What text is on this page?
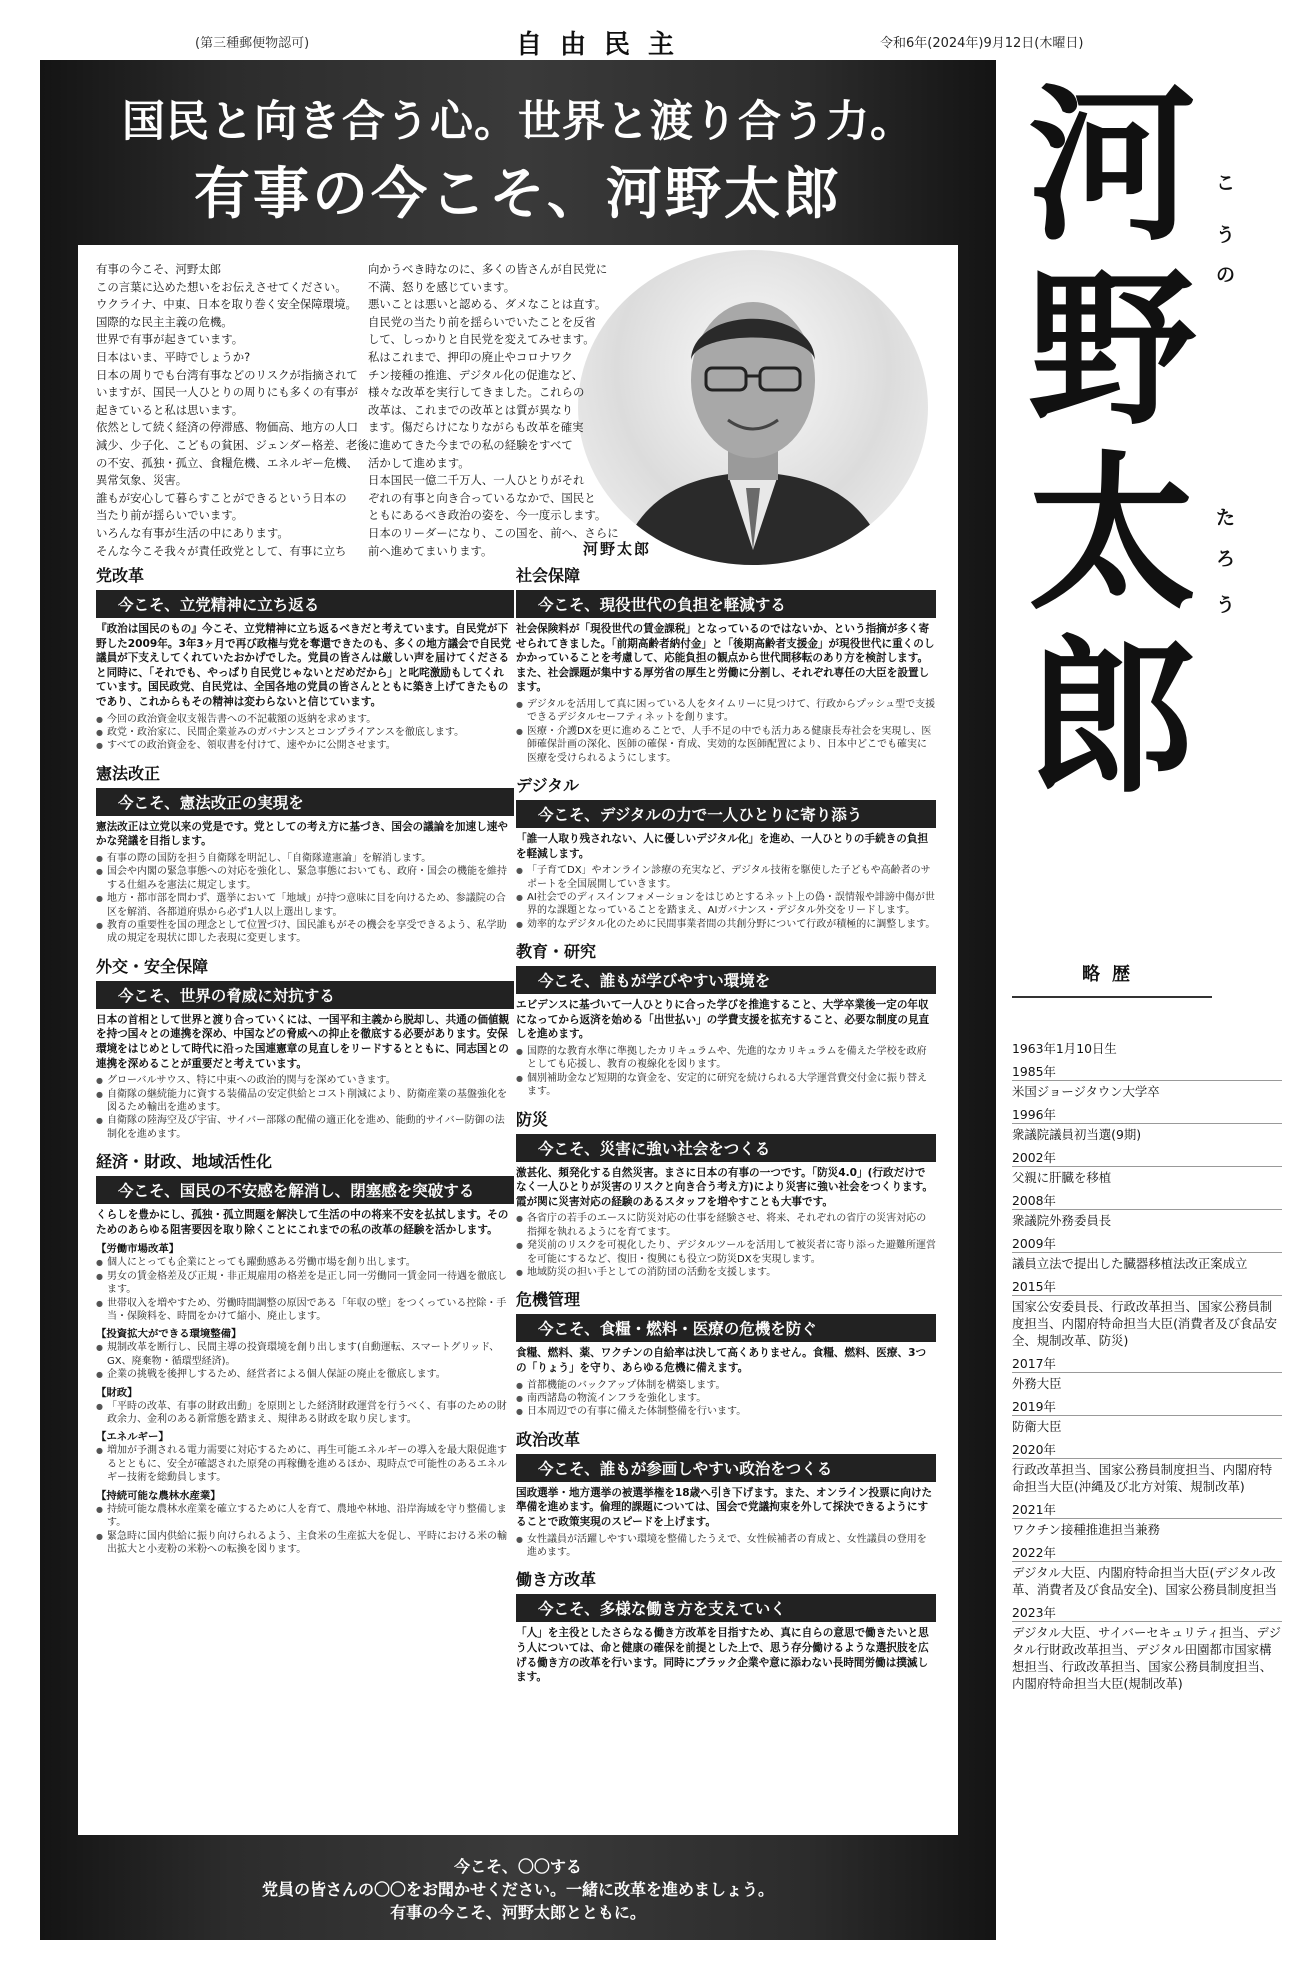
(第三種郵便物認可)	自由民主	令和6年(2024年)9月12日(木曜日)
国民と向き合う心。世界と渡り合う力。
有事の今こそ、河野太郎

有事の今こそ、河野太郎

この言葉に込めた想いをお伝えさせてください。

ウクライナ、中東、日本を取り巻く安全保障環境。

国際的な民主主義の危機。

世界で有事が起きています。

日本はいま、平時でしょうか?

日本の周りでも台湾有事などのリスクが指摘されて

いますが、国民一人ひとりの周りにも多くの有事が

起きていると私は思います。

依然として続く経済の停滞感、物価高、地方の人口

減少、少子化、こどもの貧困、ジェンダー格差、老後

の不安、孤独・孤立、食糧危機、エネルギー危機、

異常気象、災害。

誰もが安心して暮らすことができるという日本の

当たり前が揺らいでいます。

いろんな有事が生活の中にあります。

そんな今こそ我々が責任政党として、有事に立ち

向かうべき時なのに、多くの皆さんが自民党に

不満、怒りを感じています。

悪いことは悪いと認める、ダメなことは直す。

自民党の当たり前を揺らいでいたことを反省

して、しっかりと自民党を変えてみせます。

私はこれまで、押印の廃止やコロナワク

チン接種の推進、デジタル化の促進など、

様々な改革を実行してきました。これらの

改革は、これまでの改革とは質が異なり

ます。傷だらけになりながらも改革を確実

に進めてきた今までの私の経験をすべて

活かして進めます。

日本国民一億二千万人、一人ひとりがそれ

ぞれの有事と向き合っているなかで、国民と

ともにあるべき政治の姿を、今一度示します。

日本のリーダーになり、この国を、前へ、さらに

前へ進めてまいります。	河野太郎
党改革
今こそ、立党精神に立ち返る
『政治は国民のもの』今こそ、立党精神に立ち返るべきだと考えています。自民党が下野した2009年。3年3ヶ月で再び政権与党を奪還できたのも、多くの地方議会で自民党議員が下支えしてくれていたおかげでした。党員の皆さんは厳しい声を届けてくださると同時に、「それでも、やっぱり自民党じゃないとだめだから」と叱咤激励もしてくれています。国民政党、自民党は、全国各地の党員の皆さんとともに築き上げてきたものであり、これからもその精神は変わらないと信じています。
● 今回の政治資金収支報告書への不記載額の返納を求めます。
● 政党・政治家に、民間企業並みのガバナンスとコンプライアンスを徹底します。
● すべての政治資金を、領収書を付けて、速やかに公開させます。
憲法改正
今こそ、憲法改正の実現を
憲法改正は立党以来の党是です。党としての考え方に基づき、国会の議論を加速し速やかな発議を目指します。
● 有事の際の国防を担う自衛隊を明記し、「自衛隊違憲論」を解消します。
● 国会や内閣の緊急事態への対応を強化し、緊急事態においても、政府・国会の機能を維持する仕組みを憲法に規定します。
● 地方・都市部を問わず、選挙において「地域」が持つ意味に目を向けるため、参議院の合区を解消、各都道府県から必ず1人以上選出します。
● 教育の重要性を国の理念として位置づけ、国民誰もがその機会を享受できるよう、私学助成の規定を現状に即した表現に変更します。
外交・安全保障
今こそ、世界の脅威に対抗する
日本の首相として世界と渡り合っていくには、一国平和主義から脱却し、共通の価値観を持つ国々との連携を深め、中国などの脅威への抑止を徹底する必要があります。安保環境をはじめとして時代に沿った国連憲章の見直しをリードするとともに、同志国との連携を深めることが重要だと考えています。
● グローバルサウス、特に中東への政治的関与を深めていきます。
● 自衛隊の継続能力に資する装備品の安定供給とコスト削減により、防衛産業の基盤強化を図るため輸出を進めます。
● 自衛隊の陸海空及び宇宙、サイバー部隊の配備の適正化を進め、能動的サイバー防御の法制化を進めます。
経済・財政、地域活性化
今こそ、国民の不安感を解消し、閉塞感を突破する
くらしを豊かにし、孤独・孤立問題を解決して生活の中の将来不安を払拭します。そのためのあらゆる阻害要因を取り除くことにこれまでの私の改革の経験を活かします。
【労働市場改革】
● 個人にとっても企業にとっても躍動感ある労働市場を創り出します。
● 男女の賃金格差及び正規・非正規雇用の格差を是正し同一労働同一賃金同一待遇を徹底します。
● 世帯収入を増やすため、労働時間調整の原因である「年収の壁」をつくっている控除・手当・保険料を、時間をかけて縮小、廃止します。
【投資拡大ができる環境整備】
● 規制改革を断行し、民間主導の投資環境を創り出します(自動運転、スマートグリッド、GX、廃棄物・循環型経済)。
● 企業の挑戦を後押しするため、経営者による個人保証の廃止を徹底します。
【財政】
● 「平時の改革、有事の財政出動」を原則とした経済財政運営を行うべく、有事のための財政余力、金利のある新常態を踏まえ、規律ある財政を取り戻します。
【エネルギー】
● 増加が予測される電力需要に対応するために、再生可能エネルギーの導入を最大限促進するとともに、安全が確認された原発の再稼働を進めるほか、現時点で可能性のあるエネルギー技術を総動員します。
【持続可能な農林水産業】
● 持続可能な農林水産業を確立するために人を育て、農地や林地、沿岸海域を守り整備します。
● 緊急時に国内供給に振り向けられるよう、主食米の生産拡大を促し、平時における米の輸出拡大と小麦粉の米粉への転換を図ります。
社会保障
今こそ、現役世代の負担を軽減する
社会保険料が「現役世代の賃金課税」となっているのではないか、という指摘が多く寄せられてきました。「前期高齢者納付金」と「後期高齢者支援金」が現役世代に重くのしかかっていることを考慮して、応能負担の観点から世代間移転のあり方を検討します。また、社会課題が集中する厚労省の厚生と労働に分割し、それぞれ専任の大臣を設置します。
● デジタルを活用して真に困っている人をタイムリーに見つけて、行政からプッシュ型で支援できるデジタルセーフティネットを創ります。
● 医療・介護DXを更に進めることで、人手不足の中でも活力ある健康長寿社会を実現し、医師確保計画の深化、医師の確保・育成、実効的な医師配置により、日本中どこでも確実に医療を受けられるようにします。
デジタル
今こそ、デジタルの力で一人ひとりに寄り添う
「誰一人取り残されない、人に優しいデジタル化」を進め、一人ひとりの手続きの負担を軽減します。
● 「子育てDX」やオンライン診療の充実など、デジタル技術を駆使した子どもや高齢者のサポートを全国展開していきます。
● AI社会でのディスインフォメーションをはじめとするネット上の偽・誤情報や誹謗中傷が世界的な課題となっていることを踏まえ、AIガバナンス・デジタル外交をリードします。
● 効率的なデジタル化のために民間事業者間の共創分野について行政が積極的に調整します。
教育・研究
今こそ、誰もが学びやすい環境を
エビデンスに基づいて一人ひとりに合った学びを推進すること、大学卒業後一定の年収になってから返済を始める「出世払い」の学費支援を拡充すること、必要な制度の見直しを進めます。
● 国際的な教育水準に準拠したカリキュラムや、先進的なカリキュラムを備えた学校を政府としても応援し、教育の複線化を図ります。
● 個別補助金など短期的な資金を、安定的に研究を続けられる大学運営費交付金に振り替えます。
防災
今こそ、災害に強い社会をつくる
激甚化、頻発化する自然災害。まさに日本の有事の一つです。「防災4.0」(行政だけでなく一人ひとりが災害のリスクと向き合う考え方)により災害に強い社会をつくります。霞が関に災害対応の経験のあるスタッフを増やすことも大事です。
● 各省庁の若手のエースに防災対応の仕事を経験させ、将来、それぞれの省庁の災害対応の指揮を執れるようにを育てます。
● 発災前のリスクを可視化したり、デジタルツールを活用して被災者に寄り添った避難所運営を可能にするなど、復旧・復興にも役立つ防災DXを実現します。
● 地域防災の担い手としての消防団の活動を支援します。
危機管理
今こそ、食糧・燃料・医療の危機を防ぐ
食糧、燃料、薬、ワクチンの自給率は決して高くありません。食糧、燃料、医療、3つの「りょう」を守り、あらゆる危機に備えます。
● 首都機能のバックアップ体制を構築します。
● 南西諸島の物流インフラを強化します。
● 日本周辺での有事に備えた体制整備を行います。
政治改革
今こそ、誰もが参画しやすい政治をつくる
国政選挙・地方選挙の被選挙権を18歳へ引き下げます。また、オンライン投票に向けた準備を進めます。倫理的課題については、国会で党議拘束を外して採決できるようにすることで政策実現のスピードを上げます。
● 女性議員が活躍しやすい環境を整備したうえで、女性候補者の育成と、女性議員の登用を進めます。
働き方改革
今こそ、多様な働き方を支えていく
「人」を主役としたさらなる働き方改革を目指すため、真に自らの意思で働きたいと思う人については、命と健康の確保を前提とした上で、思う存分働けるような選択肢を広げる働き方の改革を行います。同時にブラック企業や意に添わない長時間労働は撲滅します。
今こそ、〇〇する
党員の皆さんの〇〇をお聞かせください。一緒に改革を進めましょう。
有事の今こそ、河野太郎とともに。
河
野
太
郎
こ
う
の
た
ろ
う
略歴
1963年1月10日生
1985年
米国ジョージタウン大学卒
1996年
衆議院議員初当選(9期)
2002年
父親に肝臓を移植
2008年
衆議院外務委員長
2009年
議員立法で提出した臓器移植法改正案成立
2015年
国家公安委員長、行政改革担当、国家公務員制度担当、内閣府特命担当大臣(消費者及び食品安全、規制改革、防災)
2017年
外務大臣
2019年
防衛大臣
2020年
行政改革担当、国家公務員制度担当、内閣府特命担当大臣(沖縄及び北方対策、規制改革)
2021年
ワクチン接種推進担当兼務
2022年
デジタル大臣、内閣府特命担当大臣(デジタル改革、消費者及び食品安全)、国家公務員制度担当
2023年
デジタル大臣、サイバーセキュリティ担当、デジタル行財政改革担当、デジタル田園都市国家構想担当、行政改革担当、国家公務員制度担当、内閣府特命担当大臣(規制改革)
